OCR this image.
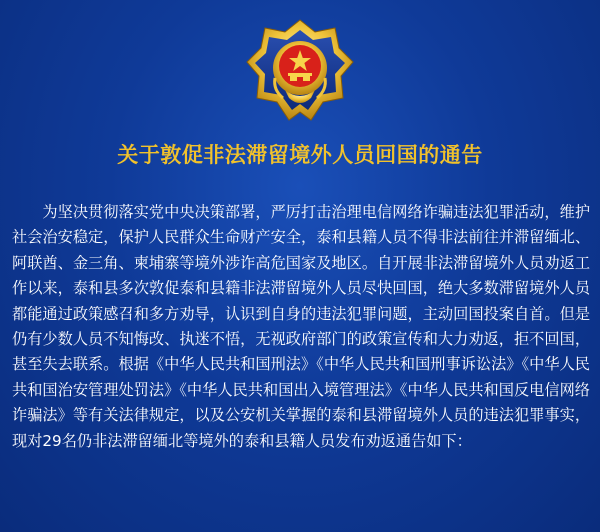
关于敦促非法滞留境外人员回国的通告

为坚决贯彻落实党中央决策部署，严厉打击治理电信网络诈骗违法犯罪活动，维护社会治安稳定，保护人民群众生命财产安全，泰和县籍人员不得非法前往并滞留缅北、阿联酋、金三角、柬埔寨等境外涉诈高危国家及地区。自开展非法滞留境外人员劝返工作以来，泰和县多次敦促泰和县籍非法滞留境外人员尽快回国，绝大多数滞留境外人员都能通过政策感召和多方劝导，认识到自身的违法犯罪问题，主动回国投案自首。但是仍有少数人员不知悔改、执迷不悟，无视政府部门的政策宣传和大力劝返，拒不回国，甚至失去联系。根据《中华人民共和国刑法》《中华人民共和国刑事诉讼法》《中华人民共和国治安管理处罚法》《中华人民共和国出入境管理法》《中华人民共和国反电信网络诈骗法》等有关法律规定，以及公安机关掌握的泰和县滞留境外人员的违法犯罪事实，现对29名仍非法滞留缅北等境外的泰和县籍人员发布劝返通告如下：
